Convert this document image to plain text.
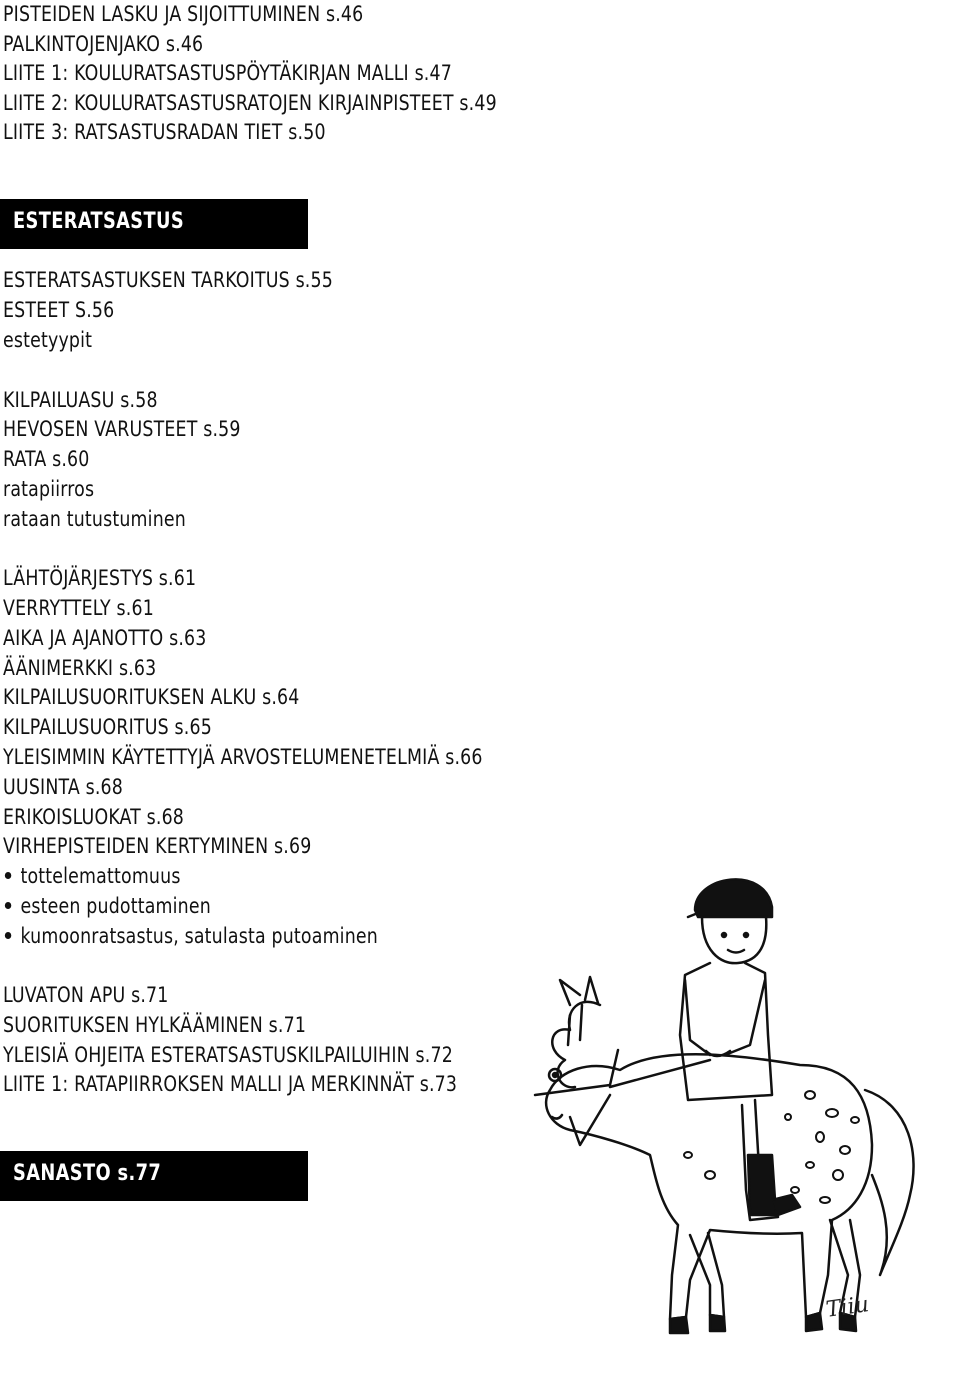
PISTEIDEN LASKU JA SIJOITTUMINEN s.46
PALKINTOJENJAKO s.46
LIITE 1: KOULURATSASTUSPÖYTÄKIRJAN MALLI s.47
LIITE 2: KOULURATSASTUSRATOJEN KIRJAINPISTEET s.49
LIITE 3: RATSASTUSRADAN TIET s.50
ESTERATSASTUS
ESTERATSASTUKSEN TARKOITUS s.55
ESTEET S.56
estetyypit
KILPAILUASU s.58
HEVOSEN VARUSTEET s.59
RATA s.60
ratapiirros
rataan tutustuminen
LÄHTÖJÄRJESTYS s.61
VERRYTTELY s.61
AIKA JA AJANOTTO s.63
ÄÄNIMERKKI s.63
KILPAILUSUORITUKSEN ALKU s.64
KILPAILUSUORITUS s.65
YLEISIMMIN KÄYTETTYJÄ ARVOSTELUMENETELMIÄ s.66
UUSINTA s.68
ERIKOISLUOKAT s.68
VIRHEPISTEIDEN KERTYMINEN s.69
tottelemattomuus
esteen pudottaminen
kumoonratsastus, satulasta putoaminen
LUVATON APU s.71
SUORITUKSEN HYLKÄÄMINEN s.71
YLEISIÄ OHJEITA ESTERATSASTUSKILPAILUIHIN s.72
LIITE 1: RATAPIIRROKSEN MALLI JA MERKINNÄT s.73
SANASTO s.77
Tiiu
